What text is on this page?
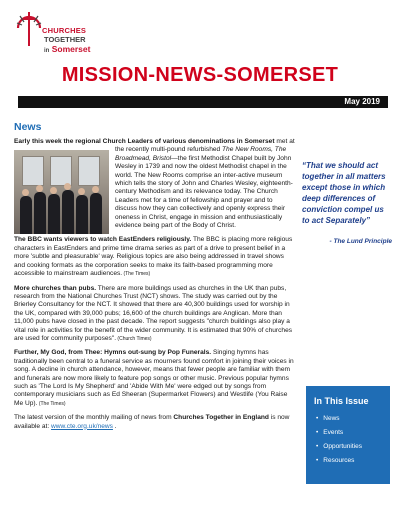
CHURCHES
TOGETHER
in Somerset
MISSION-NEWS-SOMERSET
May 2019
News

Early this week the regional Church Leaders of various denominations in Somerset
met at the recently multi-pound refurbished The New Rooms, The Broadmead, Bristol—the first Methodist Chapel built by John Wesley in 1739 and now the oldest Methodist chapel in the world. The New Rooms comprise an inter-active museum which tells the story of John and Charles Wesley, eighteenth-century Methodism and its relevance today. The Church Leaders met for a time of fellowship and prayer and to discuss how they can collectively and openly express their oneness in Christ, engage in mission and enthusiastically evidence being part of the Body of Christ.

The BBC wants viewers to watch EastEnders religiously. The BBC is placing more religious characters in EastEnders and prime time drama series as part of a drive to present belief in a more 'subtle and pleasurable' way. Religious topics are also being addressed in travel shows and cooking formats as the corporation seeks to make its faith-based programming more accessible to mainstream audiences. (The Times)

More churches than pubs. There are more buildings used as churches in the UK than pubs, research from the National Churches Trust (NCT) shows. The study was carried out by the Brierley Consultancy for the NCT. It showed that there are 40,300 buildings used for worship in the UK, compared with 39,000 pubs; 16,600 of the church buildings are Anglican. More than 11,000 pubs have closed in the past decade. The report suggests "church buildings also play a vital role in activities for the benefit of the wider community. It is estimated that 90% of churches are used for community purposes". (Church Times)

Further, My God, from Thee: Hymns out-sung by Pop Funerals. Singing hymns has traditionally been central to a funeral service as mourners found comfort in joining their voices in song. A decline in church attendance, however, means that fewer people are familiar with them and funerals are now more likely to feature pop songs or other music. Previous popular hymns such as 'The Lord Is My Shepherd' and 'Abide With Me' were edged out by songs from contemporary musicians such as Ed Sheeran (Supermarket Flowers) and Westlife (You Raise Me Up). (The Times)

The latest version of the monthly mailing of news from Churches Together in England is now available at: www.cte.org.uk/news .

“That we should act together in all matters except those in which deep differences of conviction compel us to act Separately”
- The Lund Principle
In This Issue
• News
• Events
• Opportunities
• Resources
